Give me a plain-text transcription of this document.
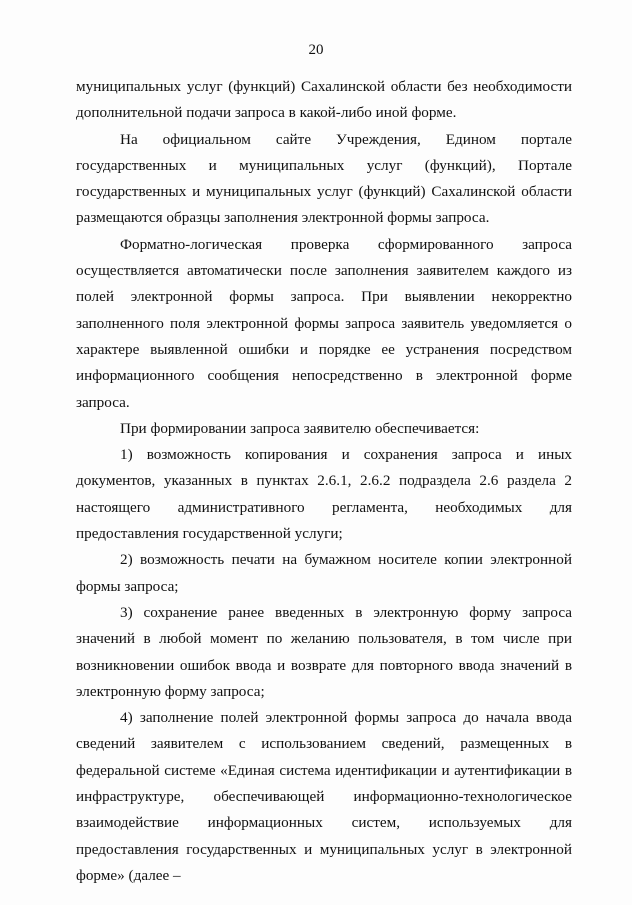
20

муниципальных услуг (функций) Сахалинской области без необходимости дополнительной подачи запроса в какой-либо иной форме.

На официальном сайте Учреждения, Едином портале государственных и муниципальных услуг (функций), Портале государственных и муниципальных услуг (функций) Сахалинской области размещаются образцы заполнения электронной формы запроса.

Форматно-логическая проверка сформированного запроса осуществляется автоматически после заполнения заявителем каждого из полей электронной формы запроса. При выявлении некорректно заполненного поля электронной формы запроса заявитель уведомляется о характере выявленной ошибки и порядке ее устранения посредством информационного сообщения непосредственно в электронной форме запроса.

При формировании запроса заявителю обеспечивается:

1) возможность копирования и сохранения запроса и иных документов, указанных в пунктах 2.6.1, 2.6.2 подраздела 2.6 раздела 2 настоящего административного регламента, необходимых для предоставления государственной услуги;

2) возможность печати на бумажном носителе копии электронной формы запроса;

3) сохранение ранее введенных в электронную форму запроса значений в любой момент по желанию пользователя, в том числе при возникновении ошибок ввода и возврате для повторного ввода значений в электронную форму запроса;

4) заполнение полей электронной формы запроса до начала ввода сведений заявителем с использованием сведений, размещенных в федеральной системе «Единая система идентификации и аутентификации в инфраструктуре, обеспечивающей информационно-технологическое взаимодействие информационных систем, используемых для предоставления государственных и муниципальных услуг в электронной форме» (далее –
